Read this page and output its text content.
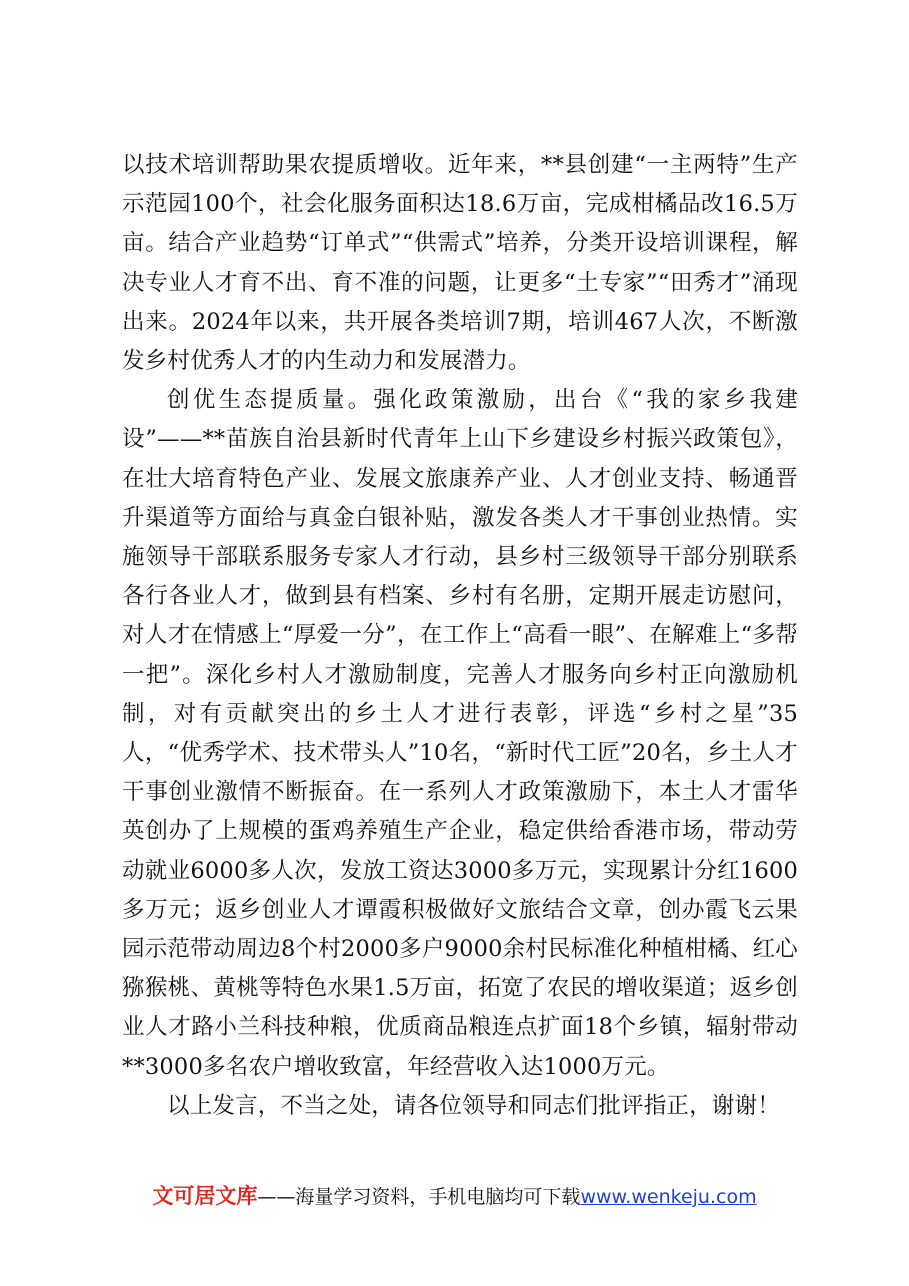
以技术培训帮助果农提质增收。近年来，**县创建“一主两特”生产示范园100个，社会化服务面积达18.6万亩，完成柑橘品改16.5万亩。结合产业趋势“订单式”“供需式”培养，分类开设培训课程，解决专业人才育不出、育不准的问题，让更多“土专家”“田秀才”涌现出来。2024年以来，共开展各类培训7期，培训467人次，不断激发乡村优秀人才的内生动力和发展潜力。

创优生态提质量。强化政策激励，出台《“我的家乡我建设”——**苗族自治县新时代青年上山下乡建设乡村振兴政策包》，在壮大培育特色产业、发展文旅康养产业、人才创业支持、畅通晋升渠道等方面给与真金白银补贴，激发各类人才干事创业热情。实施领导干部联系服务专家人才行动，县乡村三级领导干部分别联系各行各业人才，做到县有档案、乡村有名册，定期开展走访慰问，对人才在情感上“厚爱一分”，在工作上“高看一眼”、在解难上“多帮一把”。深化乡村人才激励制度，完善人才服务向乡村正向激励机制，对有贡献突出的乡土人才进行表彰，评选“乡村之星”35人，“优秀学术、技术带头人”10名，“新时代工匠”20名，乡土人才干事创业激情不断振奋。在一系列人才政策激励下，本土人才雷华英创办了上规模的蛋鸡养殖生产企业，稳定供给香港市场，带动劳动就业6000多人次，发放工资达3000多万元，实现累计分红1600多万元；返乡创业人才谭霞积极做好文旅结合文章，创办霞飞云果园示范带动周边8个村2000多户9000余村民标准化种植柑橘、红心猕猴桃、黄桃等特色水果1.5万亩，拓宽了农民的增收渠道；返乡创业人才路小兰科技种粮，优质商品粮连点扩面18个乡镇，辐射带动**3000多名农户增收致富，年经营收入达1000万元。

以上发言，不当之处，请各位领导和同志们批评指正，谢谢！

文可居文库——海量学习资料，手机电脑均可下载www.wenkeju.com
